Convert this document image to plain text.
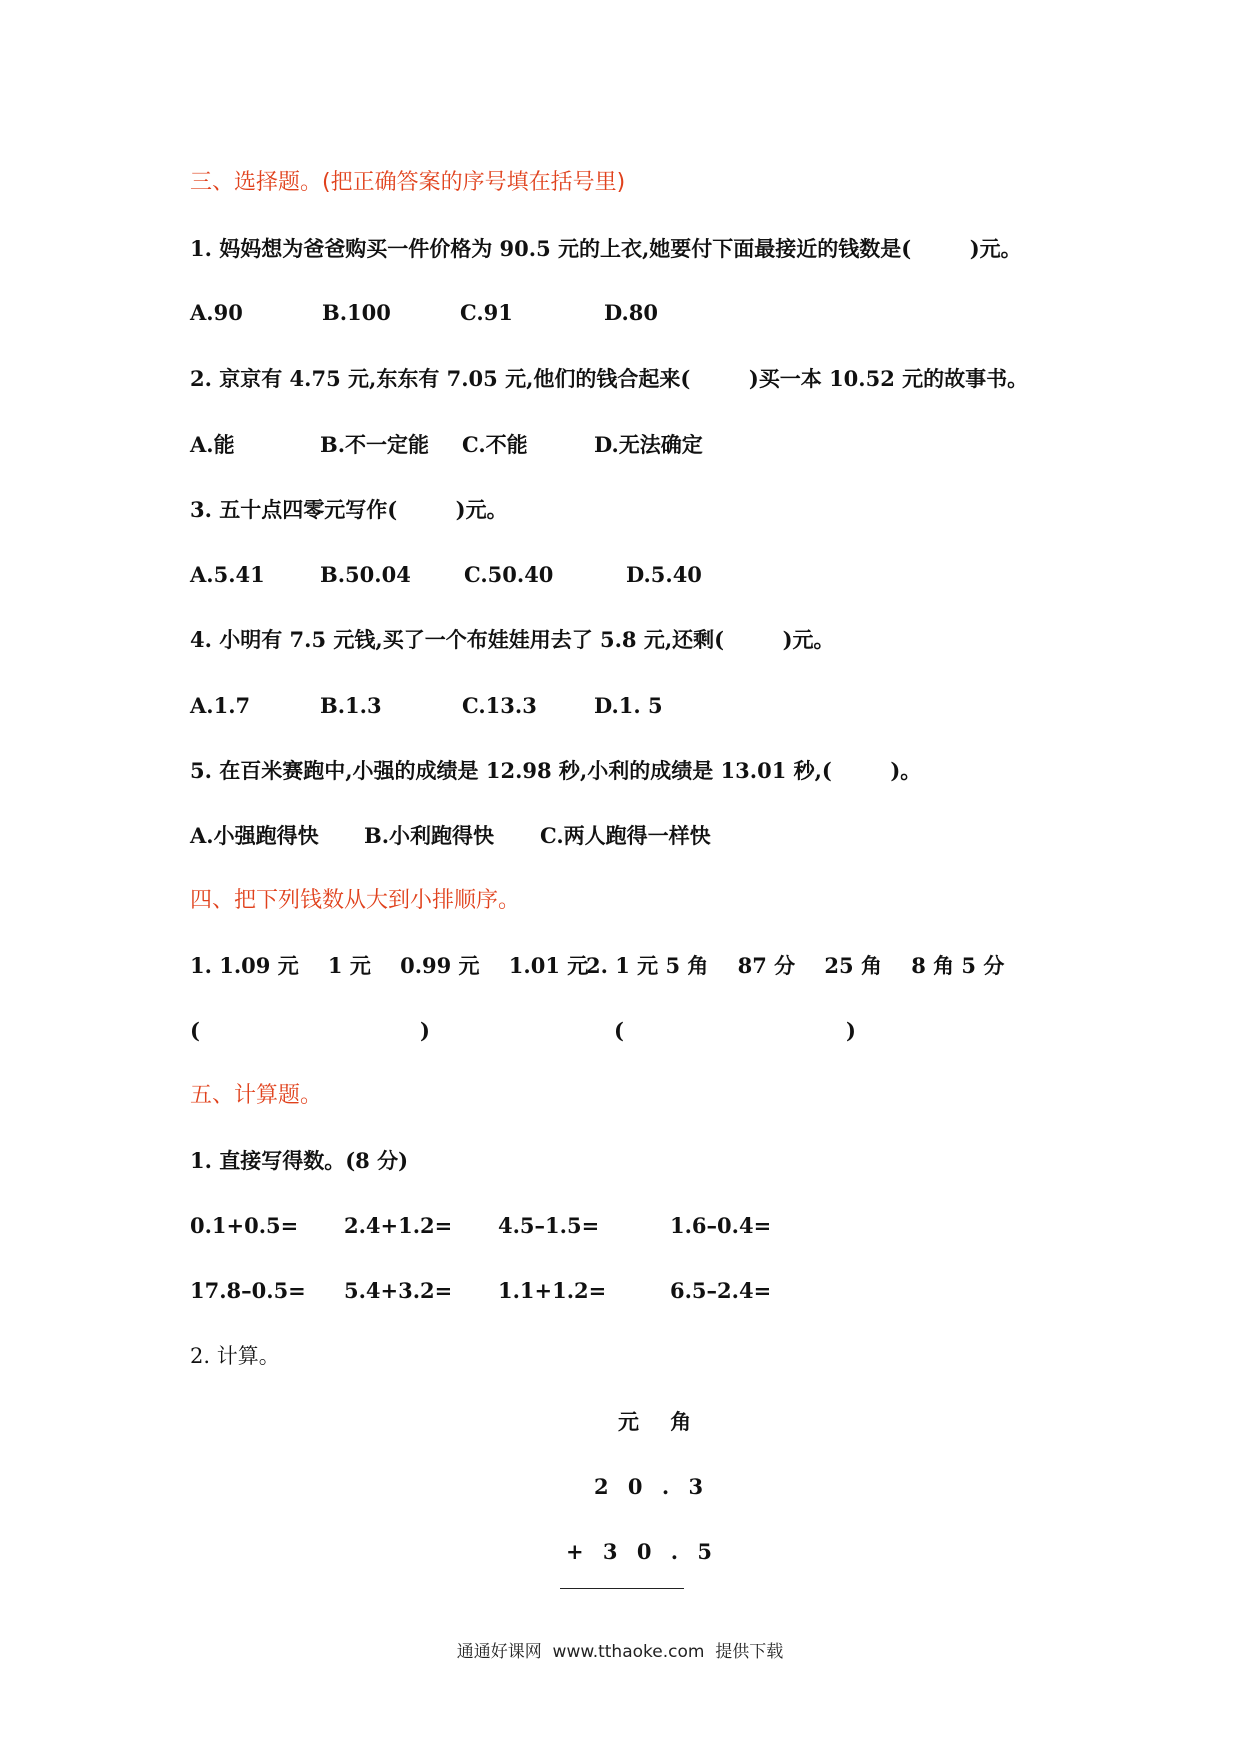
三、选择题。(把正确答案的序号填在括号里)
1. 妈妈想为爸爸购买一件价格为 90.5 元的上衣,她要付下面最接近的钱数是(        )元。
A.90	B.100	C.91	D.80
2. 京京有 4.75 元,东东有 7.05 元,他们的钱合起来(        )买一本 10.52 元的故事书。
A.能	B.不一定能 C.不能	D.无法确定
3. 五十点四零元写作(        )元。
A.5.41	B.50.04	C.50.40	D.5.40
4. 小明有 7.5 元钱,买了一个布娃娃用去了 5.8 元,还剩(        )元。
A.1.7	B.1.3	C.13.3	D.1. 5
5. 在百米赛跑中,小强的成绩是 12.98 秒,小利的成绩是 13.01 秒,(        )。
A.小强跑得快 B.小利跑得快 C.两人跑得一样快
四、把下列钱数从大到小排顺序。
1. 1.09 元    1 元    0.99 元    1.01 元
2. 1 元 5 角    87 分    25 角    8 角 5 分
(	)	(	)
五、计算题。
1. 直接写得数。(8 分)
0.1+0.5= 2.4+1.2= 4.5–1.5=	1.6–0.4=
17.8–0.5= 5.4+3.2= 1.1+1.2=	6.5–2.4=
2. 计算。
元 角
2 0 . 3
+ 3 0 . 5
通通好课网  www.tthaoke.com  提供下载
